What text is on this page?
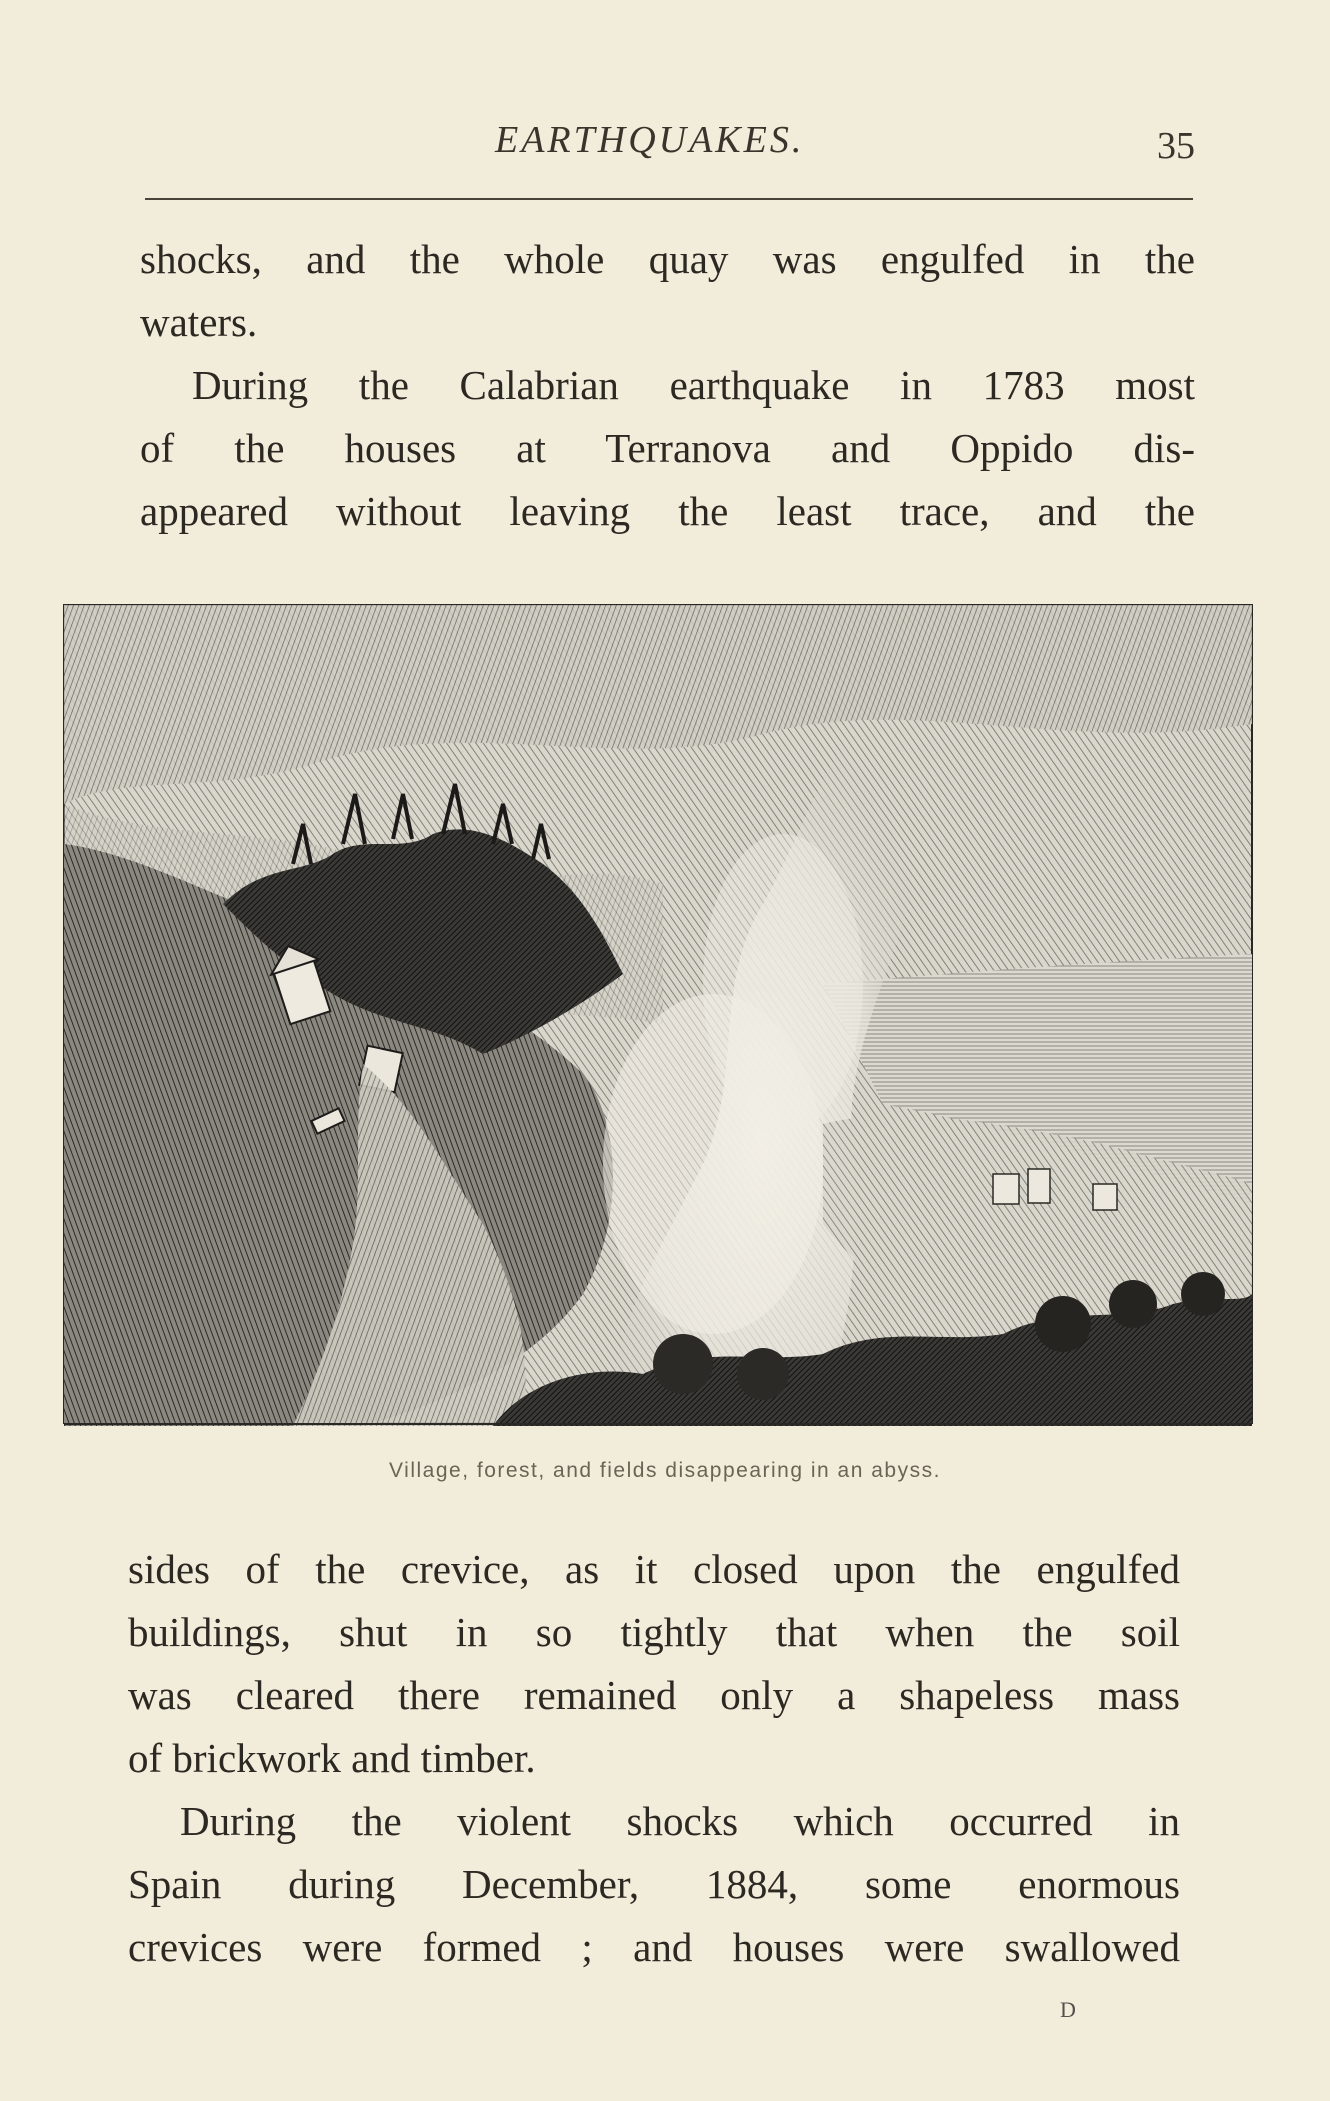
EARTHQUAKES.	35
shocks, and the whole quay was engulfed in the
waters.
During the Calabrian earthquake in 1783 most
of the houses at Terranova and Oppido dis-
appeared without leaving the least trace, and the
Village, forest, and fields disappearing in an abyss.
sides of the crevice, as it closed upon the engulfed
buildings, shut in so tightly that when the soil
was cleared there remained only a shapeless mass
of brickwork and timber.
During the violent shocks which occurred in
Spain during December, 1884, some enormous
crevices were formed ; and houses were swallowed
D
